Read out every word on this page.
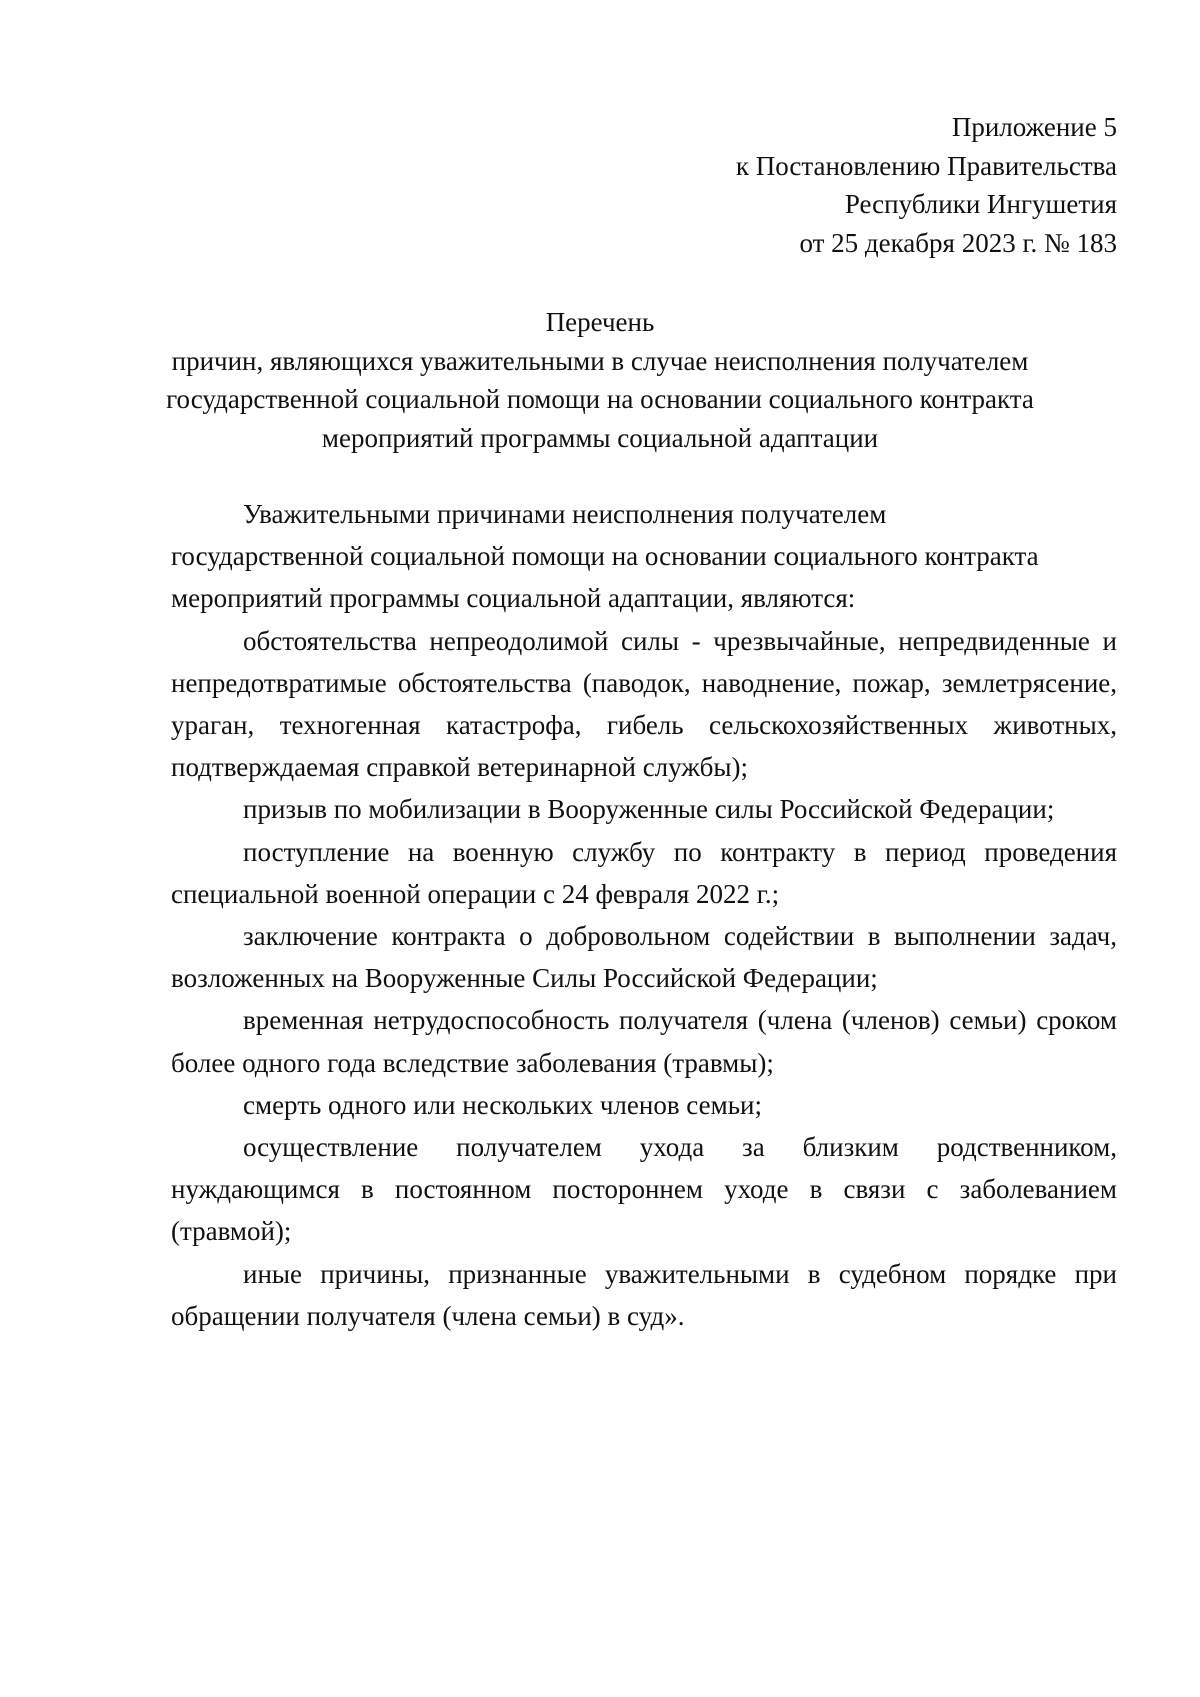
Приложение 5
к Постановлению Правительства
Республики Ингушетия
от 25 декабря 2023 г. № 183
Перечень
причин, являющихся уважительными в случае неисполнения получателем
государственной социальной помощи на основании социального контракта
мероприятий программы социальной адаптации
Уважительными причинами неисполнения получателем
государственной социальной помощи на основании социального контракта
мероприятий программы социальной адаптации, являются:

обстоятельства непреодолимой силы - чрезвычайные, непредвиденные и непредотвратимые обстоятельства (паводок, наводнение, пожар, землетрясение, ураган, техногенная катастрофа, гибель сельскохозяйственных животных, подтверждаемая справкой ветеринарной службы);

призыв по мобилизации в Вооруженные силы Российской Федерации;

поступление на военную службу по контракту в период проведения специальной военной операции с 24 февраля 2022 г.;

заключение контракта о добровольном содействии в выполнении задач, возложенных на Вооруженные Силы Российской Федерации;

временная нетрудоспособность получателя (члена (членов) семьи) сроком более одного года вследствие заболевания (травмы);

смерть одного или нескольких членов семьи;

осуществление получателем ухода за близким родственником, нуждающимся в постоянном постороннем уходе в связи с заболеванием (травмой);

иные причины, признанные уважительными в судебном порядке при обращении получателя (члена семьи) в суд».
